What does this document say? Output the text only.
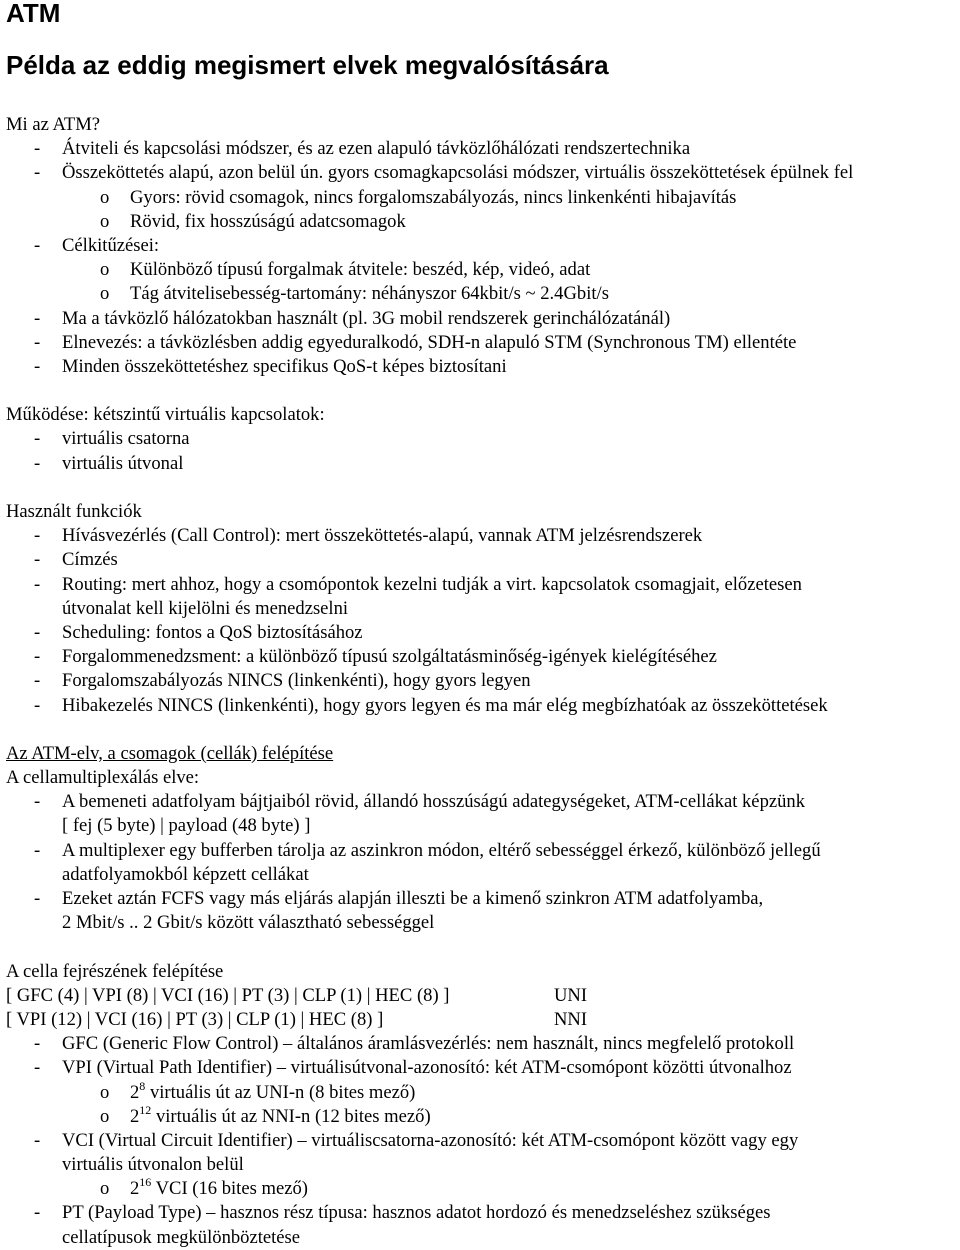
ATM
Példa az eddig megismert elvek megvalósítására
Mi az ATM?
- Átviteli és kapcsolási módszer, és az ezen alapuló távközlőhálózati rendszertechnika
- Összeköttetés alapú, azon belül ún. gyors csomagkapcsolási módszer, virtuális összeköttetések épülnek fel
o Gyors: rövid csomagok, nincs forgalomszabályozás, nincs linkenkénti hibajavítás
o Rövid, fix hosszúságú adatcsomagok
- Célkitűzései:
o Különböző típusú forgalmak átvitele: beszéd, kép, videó, adat
o Tág átvitelisebesség-tartomány: néhányszor 64kbit/s ~ 2.4Gbit/s
- Ma a távközlő hálózatokban használt (pl. 3G mobil rendszerek gerinchálózatánál)
- Elnevezés: a távközlésben addig egyeduralkodó, SDH-n alapuló STM (Synchronous TM) ellentéte
- Minden összeköttetéshez specifikus QoS-t képes biztosítani
Működése: kétszintű virtuális kapcsolatok:
- virtuális csatorna
- virtuális útvonal
Használt funkciók
- Hívásvezérlés (Call Control): mert összeköttetés-alapú, vannak ATM jelzésrendszerek
- Címzés
- Routing: mert ahhoz, hogy a csomópontok kezelni tudják a virt. kapcsolatok csomagjait, előzetesen
útvonalat kell kijelölni és menedzselni
- Scheduling: fontos a QoS biztosításához
- Forgalommenedzsment: a különböző típusú szolgáltatásminőség-igények kielégítéséhez
- Forgalomszabályozás NINCS (linkenkénti), hogy gyors legyen
- Hibakezelés NINCS (linkenkénti), hogy gyors legyen és ma már elég megbízhatóak az összeköttetések
Az ATM-elv, a csomagok (cellák) felépítése
A cellamultiplexálás elve:
- A bemeneti adatfolyam bájtjaiból rövid, állandó hosszúságú adategységeket, ATM-cellákat képzünk
[ fej (5 byte) | payload (48 byte) ]
- A multiplexer egy bufferben tárolja az aszinkron módon, eltérő sebességgel érkező, különböző jellegű
adatfolyamokból képzett cellákat
- Ezeket aztán FCFS vagy más eljárás alapján illeszti be a kimenő szinkron ATM adatfolyamba,
2 Mbit/s .. 2 Gbit/s között választható sebességgel
A cella fejrészének felépítése
[ GFC (4) | VPI (8) | VCI (16) | PT (3) | CLP (1) | HEC (8) ]	UNI
[ VPI (12) | VCI (16) | PT (3) | CLP (1) | HEC (8) ]	NNI
- GFC (Generic Flow Control) – általános áramlásvezérlés: nem használt, nincs megfelelő protokoll
- VPI (Virtual Path Identifier) – virtuálisútvonal-azonosító: két ATM-csomópont közötti útvonalhoz
o $2^8$ virtuális út az UNI-n (8 bites mező)
o $2^{12}$ virtuális út az NNI-n (12 bites mező)
- VCI (Virtual Circuit Identifier) – virtuáliscsatorna-azonosító: két ATM-csomópont között vagy egy
virtuális útvonalon belül
o $2^{16}$ VCI (16 bites mező)
- PT (Payload Type) – hasznos rész típusa: hasznos adatot hordozó és menedzseléshez szükséges
cellatípusok megkülönböztetése
